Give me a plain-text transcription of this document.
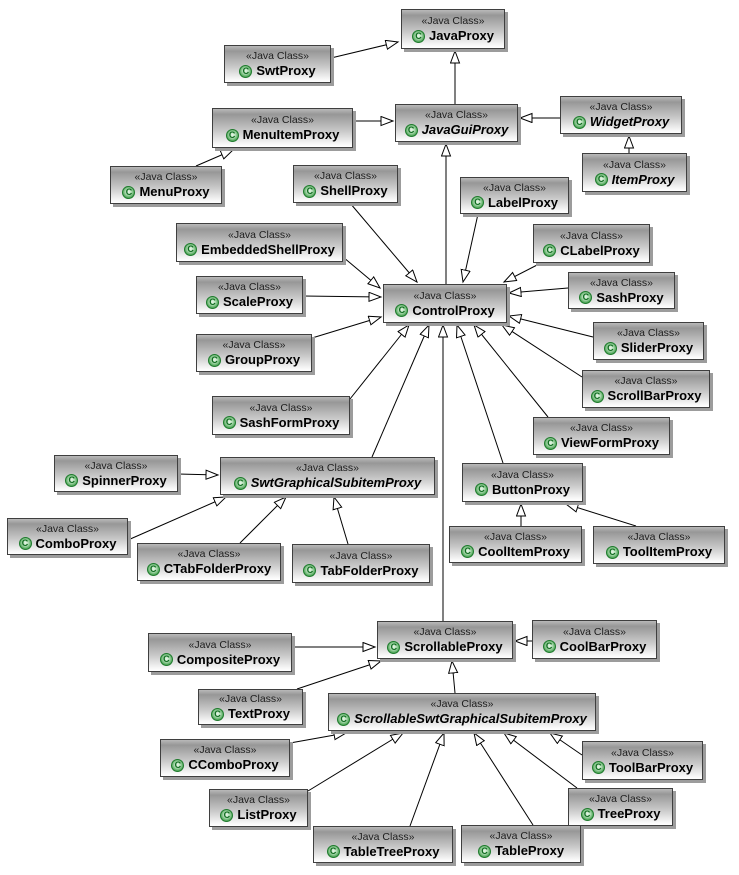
«Java Class»
C JavaProxy
«Java Class»
C SwtProxy
«Java Class»
C MenuItemProxy
«Java Class»
C JavaGuiProxy
«Java Class»
C WidgetProxy
«Java Class»
C ItemProxy
«Java Class»
C MenuProxy
«Java Class»
C ShellProxy	«Java Class»
C LabelProxy
«Java Class»
C EmbeddedShellProxy
«Java Class»
C CLabelProxy
«Java Class»
C ScaleProxy	«Java Class»
C ControlProxy
«Java Class»
C SashProxy
«Java Class»
C GroupProxy
«Java Class»
C SliderProxy
«Java Class»
C ScrollBarProxy
«Java Class»
C SashFormProxy	«Java Class»
C ViewFormProxy
«Java Class»
C SpinnerProxy
«Java Class»
C SwtGraphicalSubitemProxy
«Java Class»
C ButtonProxy
«Java Class»
C ComboProxy
«Java Class»
C CTabFolderProxy
«Java Class»
C TabFolderProxy
«Java Class»
C CoolItemProxy
«Java Class»
C ToolItemProxy
«Java Class»
C CompositeProxy
«Java Class»
C ScrollableProxy
«Java Class»
C CoolBarProxy
«Java Class»
C TextProxy
«Java Class»
C ScrollableSwtGraphicalSubitemProxy
«Java Class»
C CComboProxy
«Java Class»
C ToolBarProxy
«Java Class»
C ListProxy
«Java Class»
C TreeProxy
«Java Class»
C TableTreeProxy
«Java Class»
C TableProxy
